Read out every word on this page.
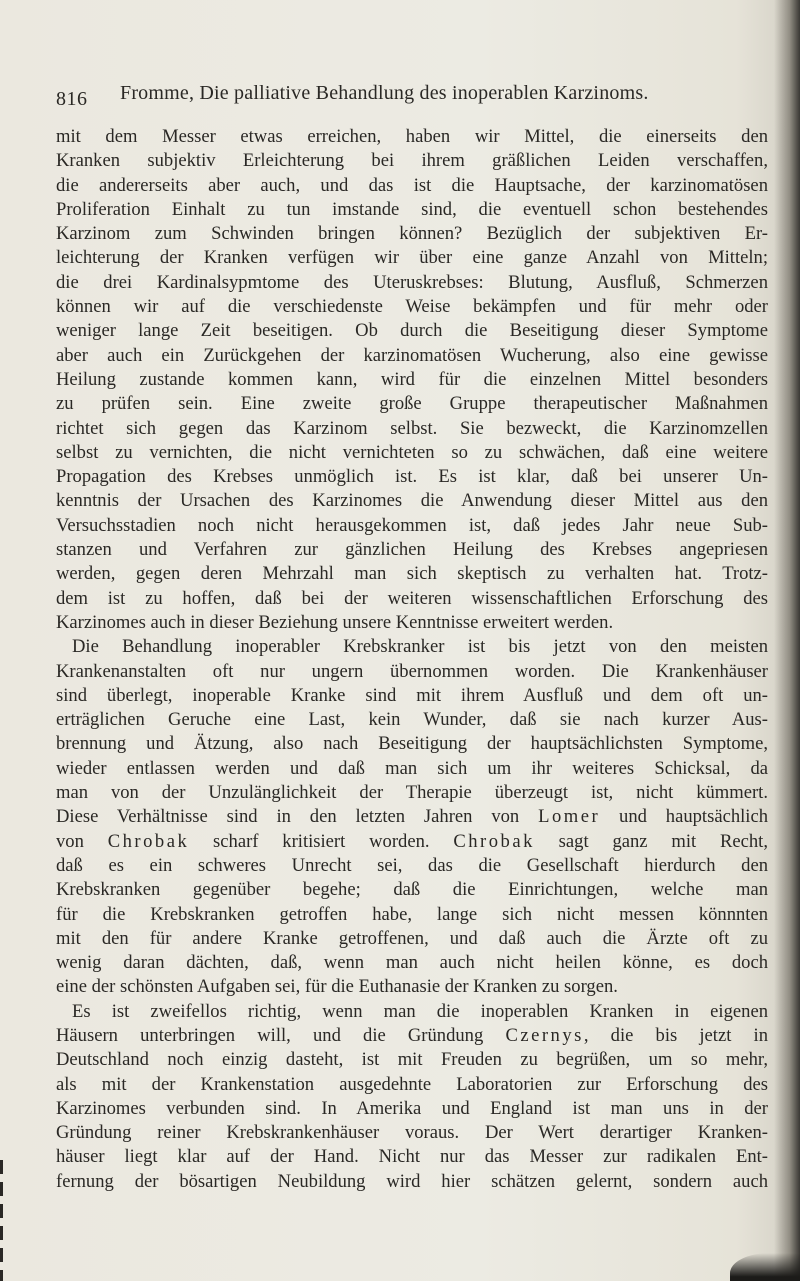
816 Fromme, Die palliative Behandlung des inoperablen Karzinoms.
mit dem Messer etwas erreichen, haben wir Mittel, die einerseits den
Kranken subjektiv Erleichterung bei ihrem gräßlichen Leiden verschaffen,
die andererseits aber auch, und das ist die Hauptsache, der karzinomatösen
Proliferation Einhalt zu tun imstande sind, die eventuell schon bestehendes
Karzinom zum Schwinden bringen können? Bezüglich der subjektiven Er-
leichterung der Kranken verfügen wir über eine ganze Anzahl von Mitteln;
die drei Kardinalsypmtome des Uteruskrebses: Blutung, Ausfluß, Schmerzen
können wir auf die verschiedenste Weise bekämpfen und für mehr oder
weniger lange Zeit beseitigen. Ob durch die Beseitigung dieser Symptome
aber auch ein Zurückgehen der karzinomatösen Wucherung, also eine gewisse
Heilung zustande kommen kann, wird für die einzelnen Mittel besonders
zu prüfen sein. Eine zweite große Gruppe therapeutischer Maßnahmen
richtet sich gegen das Karzinom selbst. Sie bezweckt, die Karzinomzellen
selbst zu vernichten, die nicht vernichteten so zu schwächen, daß eine weitere
Propagation des Krebses unmöglich ist. Es ist klar, daß bei unserer Un-
kenntnis der Ursachen des Karzinomes die Anwendung dieser Mittel aus den
Versuchsstadien noch nicht herausgekommen ist, daß jedes Jahr neue Sub-
stanzen und Verfahren zur gänzlichen Heilung des Krebses angepriesen
werden, gegen deren Mehrzahl man sich skeptisch zu verhalten hat. Trotz-
dem ist zu hoffen, daß bei der weiteren wissenschaftlichen Erforschung des
Karzinomes auch in dieser Beziehung unsere Kenntnisse erweitert werden.
Die Behandlung inoperabler Krebskranker ist bis jetzt von den meisten
Krankenanstalten oft nur ungern übernommen worden. Die Krankenhäuser
sind überlegt, inoperable Kranke sind mit ihrem Ausfluß und dem oft un-
erträglichen Geruche eine Last, kein Wunder, daß sie nach kurzer Aus-
brennung und Ätzung, also nach Beseitigung der hauptsächlichsten Symptome,
wieder entlassen werden und daß man sich um ihr weiteres Schicksal, da
man von der Unzulänglichkeit der Therapie überzeugt ist, nicht kümmert.
Diese Verhältnisse sind in den letzten Jahren von Lomer und hauptsächlich
von Chrobak scharf kritisiert worden. Chrobak sagt ganz mit Recht,
daß es ein schweres Unrecht sei, das die Gesellschaft hierdurch den
Krebskranken gegenüber begehe; daß die Einrichtungen, welche man
für die Krebskranken getroffen habe, lange sich nicht messen könnnten
mit den für andere Kranke getroffenen, und daß auch die Ärzte oft zu
wenig daran dächten, daß, wenn man auch nicht heilen könne, es doch
eine der schönsten Aufgaben sei, für die Euthanasie der Kranken zu sorgen.
Es ist zweifellos richtig, wenn man die inoperablen Kranken in eigenen
Häusern unterbringen will, und die Gründung Czernys, die bis jetzt in
Deutschland noch einzig dasteht, ist mit Freuden zu begrüßen, um so mehr,
als mit der Krankenstation ausgedehnte Laboratorien zur Erforschung des
Karzinomes verbunden sind. In Amerika und England ist man uns in der
Gründung reiner Krebskrankenhäuser voraus. Der Wert derartiger Kranken-
häuser liegt klar auf der Hand. Nicht nur das Messer zur radikalen Ent-
fernung der bösartigen Neubildung wird hier schätzen gelernt, sondern auch
